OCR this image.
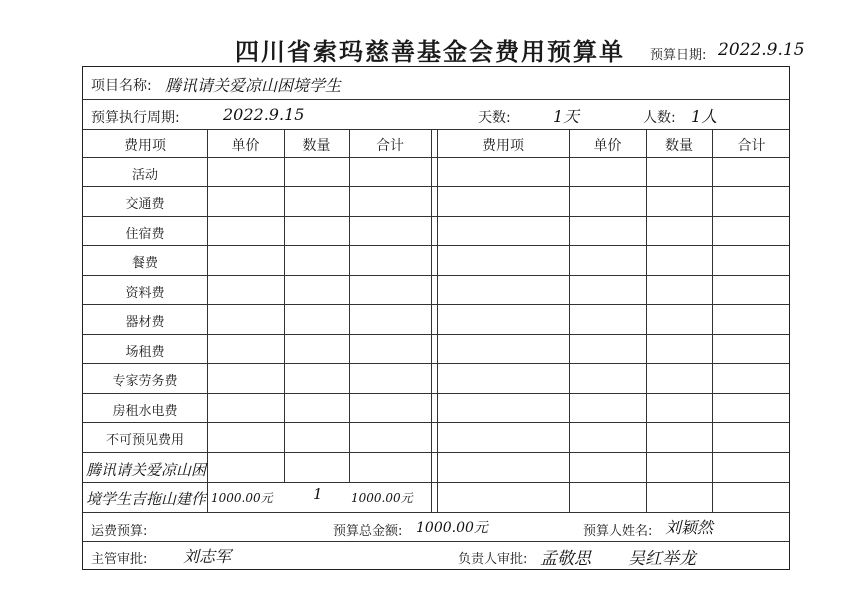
四川省索玛慈善基金会费用预算单	预算日期: 2022.9.15
项目名称: 腾讯请关爱凉山困境学生
预算执行周期:	2022.9.15	天数:	1天	人数: 1人
费用项	单价	数量	合计	费用项	单价	数量	合计
活动
交通费
住宿费
餐费
资料费
器材费
场租费
专家劳务费
房租水电费
不可预见费用
腾讯请关爱凉山困
境学生吉拖山建作 1000.00元	1 1000.00元
运费预算:	预算总金额: 1000.00元	预算人姓名: 刘颖然
主管审批: 刘志军	负责人审批: 孟敬思 吴红举龙
